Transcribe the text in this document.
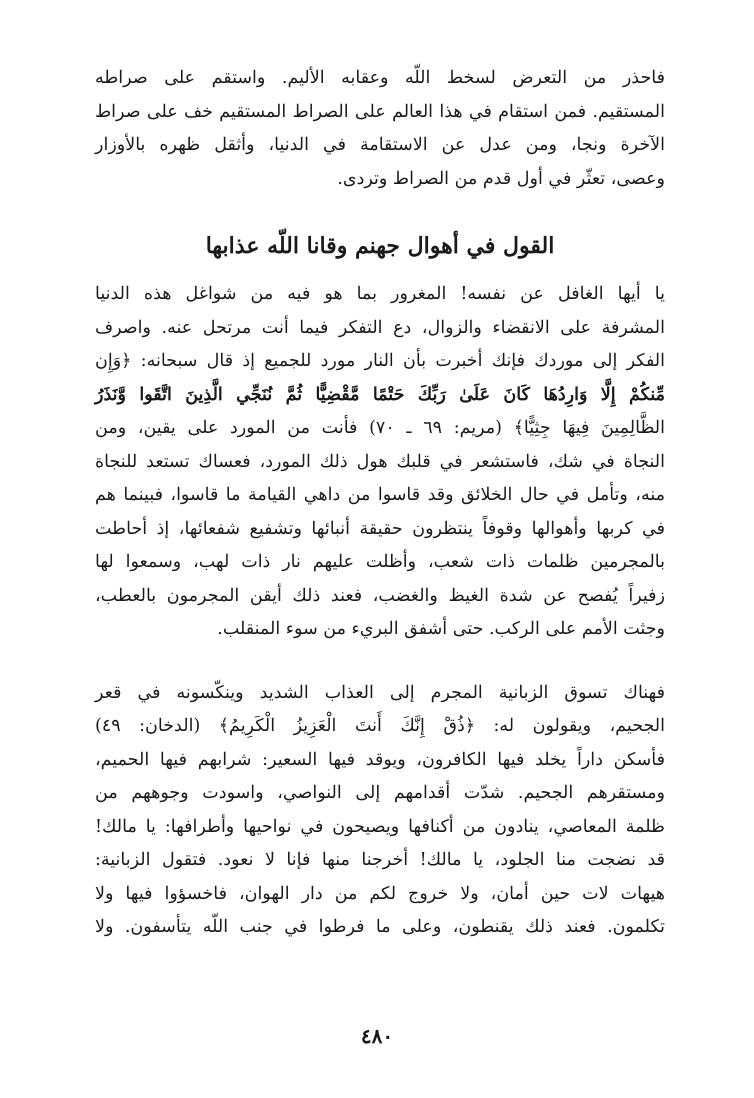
فاحذر من التعرض لسخط اللّه وعقابه الأليم. واستقم على صراطه
المستقيم. فمن استقام في هذا العالم على الصراط المستقيم خف على صراط
الآخرة ونجا، ومن عدل عن الاستقامة في الدنيا، وأثقل ظهره بالأوزار
وعصى، تعثّر في أول قدم من الصراط وتردى.
القول في أهوال جهنم وقانا اللّه عذابها
يا أيها الغافل عن نفسه! المغرور بما هو فيه من شواغل هذه الدنيا
المشرفة على الانقضاء والزوال، دع التفكر فيما أنت مرتحل عنه. واصرف
الفكر إلى موردك فإنك أخبرت بأن النار مورد للجميع إذ قال سبحانه: ﴿وَإِن
مِّنكُمْ إِلَّا وَارِدُهَا كَانَ عَلَىٰ رَبِّكَ حَتْمًا مَّقْضِيًّا ثُمَّ نُنَجِّي الَّذِينَ اتَّقَوا وَّنَذَرُ
الظَّالِمِينَ فِيهَا جِثِيًّا﴾ (مريم: ٦٩ ـ ٧٠) فأنت من المورد على يقين، ومن
النجاة في شك، فاستشعر في قلبك هول ذلك المورد، فعساك تستعد للنجاة
منه، وتأمل في حال الخلائق وقد قاسوا من داهي القيامة ما قاسوا، فبينما هم
في كربها وأهوالها وقوفاً ينتظرون حقيقة أنبائها وتشفيع شفعائها، إذ أحاطت
بالمجرمين ظلمات ذات شعب، وأظلت عليهم نار ذات لهب، وسمعوا لها
زفيراً يُفصح عن شدة الغيظ والغضب، فعند ذلك أيقن المجرمون بالعطب،
وجثت الأمم على الركب. حتى أشفق البريء من سوء المنقلب.
فهناك تسوق الزبانية المجرم إلى العذاب الشديد وينكّسونه في قعر
الجحيم، ويقولون له: ﴿ذُقْ إِنَّكَ أَنتَ الْعَزِيزُ الْكَرِيمُ﴾ (الدخان: ٤٩)
فأسكن داراً يخلد فيها الكافرون، ويوقد فيها السعير: شرابهم فيها الحميم،
ومستقرهم الجحيم. شدّت أقدامهم إلى النواصي، واسودت وجوههم من
ظلمة المعاصي، ينادون من أكنافها ويصيحون في نواحيها وأطرافها: يا مالك!
قد نضجت منا الجلود، يا مالك! أخرجنا منها فإنا لا نعود. فتقول الزبانية:
هيهات لات حين أمان، ولا خروج لكم من دار الهوان، فاخسؤوا فيها ولا
تكلمون. فعند ذلك يقنطون، وعلى ما فرطوا في جنب اللّه يتأسفون. ولا
٤٨٠
